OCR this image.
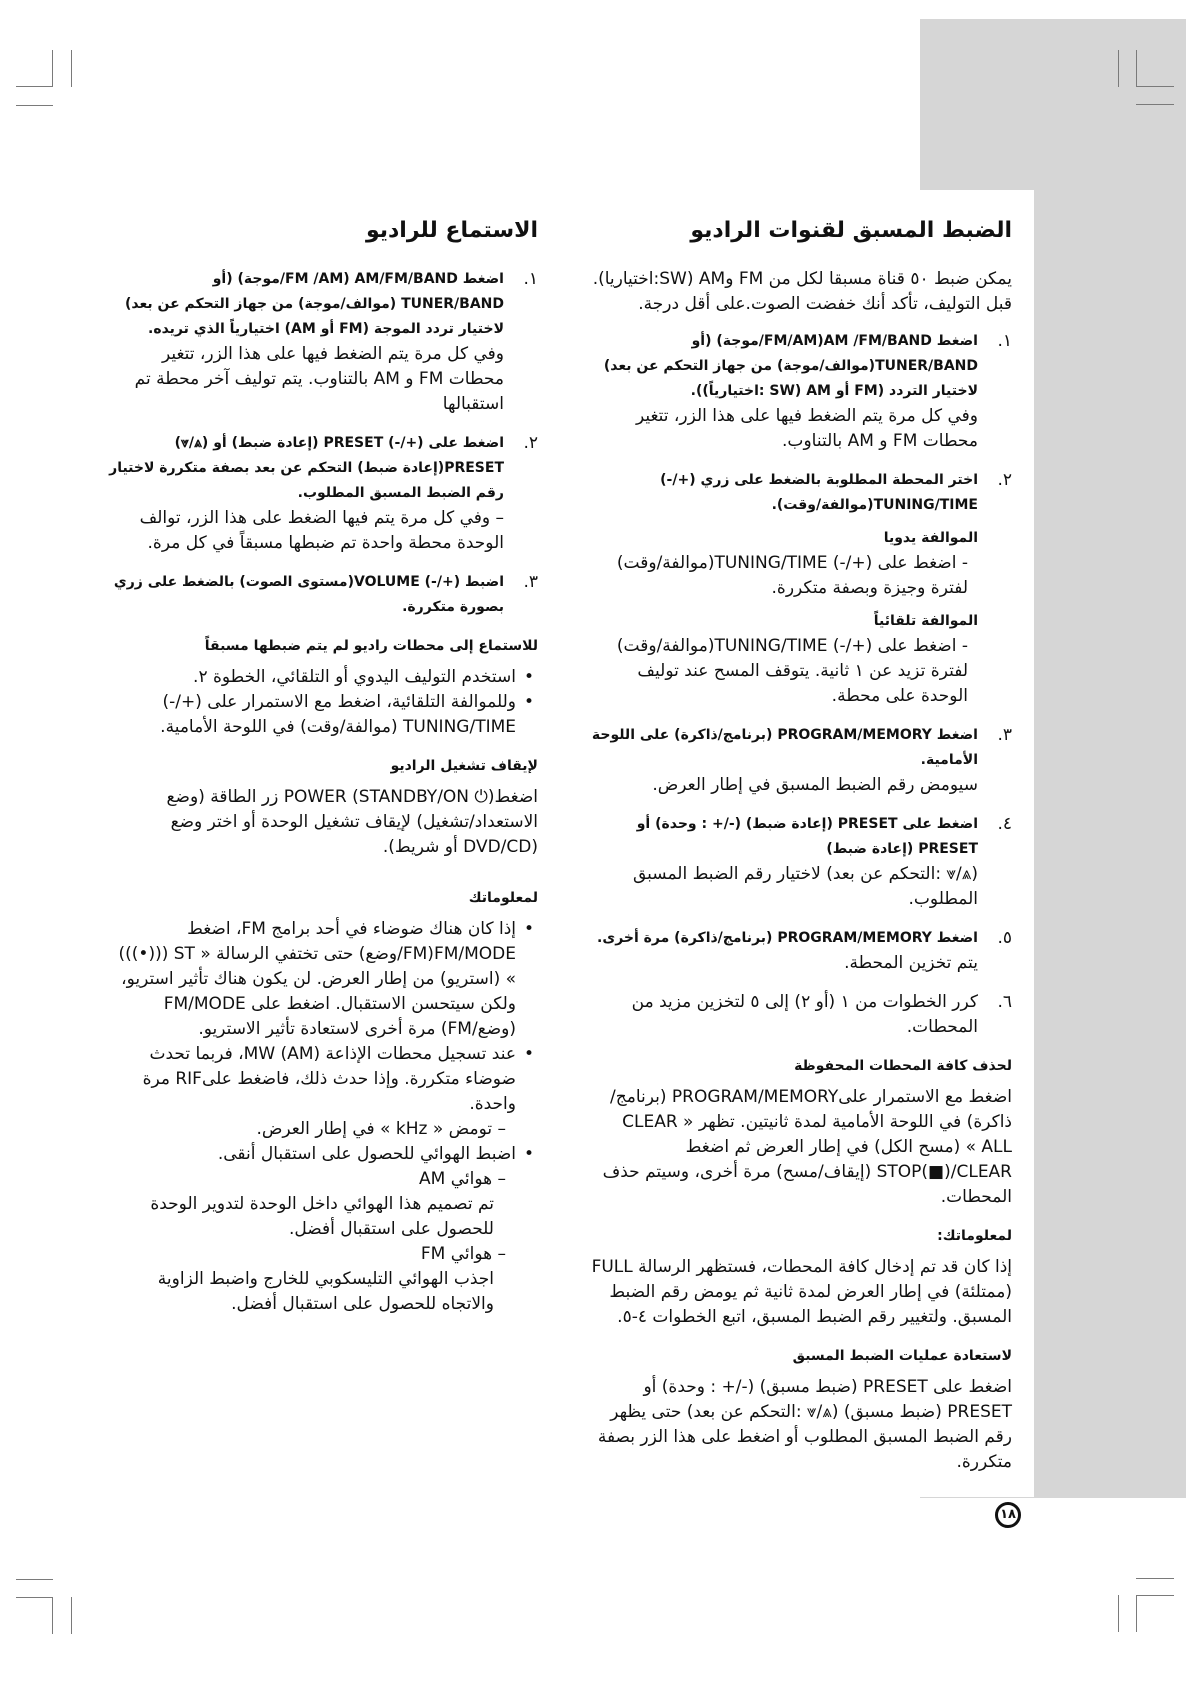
١٨
الضبط المسبق لقنوات الراديو

يمكن ضبط ٥٠ قناة مسبقا لكل من FM وAM (SW:اختياريا). قبل التوليف، تأكد أنك خفضت الصوت.على أقل درجة.

١.

اضغط AM /FM/BAND(FM/AM/موجة) (أو TUNER/BAND(موالف/موجة) من جهاز التحكم عن بعد) لاختيار التردد (FM أو AM (SW :اختيارياً)).

وفي كل مرة يتم الضغط فيها على هذا الزر، تتغير محطات FM و AM بالتناوب.

٢.

اختر المحطة المطلوبة بالضغط على زري (+/-) TUNING/TIME(موالفة/وقت).

الموالفة يدويا

- اضغط على (+/-) TUNING/TIME(موالفة/وقت) لفترة وجيزة وبصفة متكررة.

الموالفة تلقائياً

- اضغط على (+/-) TUNING/TIME(موالفة/وقت) لفترة تزيد عن ١ ثانية. يتوقف المسح عند توليف الوحدة على محطة.

٣.

اضغط PROGRAM/MEMORY (برنامج/ذاكرة) على اللوحة الأمامية.

سيومض رقم الضبط المسبق في إطار العرض.

٤.

اضغط على PRESET (إعادة ضبط) (-/+ : وحدة) أو PRESET (إعادة ضبط)

(⩓/⩔ :التحكم عن بعد) لاختيار رقم الضبط المسبق المطلوب.

٥.

اضغط PROGRAM/MEMORY (برنامج/ذاكرة) مرة أخرى.

يتم تخزين المحطة.

٦.

كرر الخطوات من ١ (أو ٢) إلى ٥ لتخزين مزيد من المحطات.

لحذف كافة المحطات المحفوظة

اضغط مع الاستمرار علىPROGRAM/MEMORY (برنامج/ذاكرة) في اللوحة الأمامية لمدة ثانيتين. تظهر « CLEAR ALL » (مسح الكل) في إطار العرض ثم اضغط STOP(■)/CLEAR (إيقاف/مسح) مرة أخرى، وسيتم حذف المحطات.

لمعلوماتك:

إذا كان قد تم إدخال كافة المحطات، فستظهر الرسالة FULL (ممتلئة) في إطار العرض لمدة ثانية ثم يومض رقم الضبط المسبق. ولتغيير رقم الضبط المسبق، اتبع الخطوات ٤-٥.

لاستعادة عمليات الضبط المسبق

اضغط على PRESET (ضبط مسبق) (-/+ : وحدة) أو PRESET (ضبط مسبق) (⩓/⩔ :التحكم عن بعد) حتى يظهر رقم الضبط المسبق المطلوب أو اضغط على هذا الزر بصفة متكررة.

الاستماع للراديو
١.

اضغط AM/FM/BAND (FM /AM/موجة) (أو TUNER/BAND (موالف/موجة) من جهاز التحكم عن بعد) لاختيار تردد الموجة (FM أو AM) اختيارياً الذي تريده.

وفي كل مرة يتم الضغط فيها على هذا الزر، تتغير محطات FM و AM بالتناوب. يتم توليف آخر محطة تم استقبالها

٢.

اضغط على (+/-) PRESET (إعادة ضبط) أو (⩓/⩔) PRESET(إعادة ضبط) التحكم عن بعد بصفة متكررة لاختيار رقم الضبط المسبق المطلوب.

– وفي كل مرة يتم فيها الضغط على هذا الزر، توالف الوحدة محطة واحدة تم ضبطها مسبقاً في كل مرة.

٣.

اضبط (+/-) VOLUME(مستوى الصوت) بالضغط على زري بصورة متكررة.

للاستماع إلى محطات راديو لم يتم ضبطها مسبقاً

• استخدم التوليف اليدوي أو التلقائي، الخطوة ٢.
• وللموالفة التلقائية، اضغط مع الاستمرار على (+/-) TUNING/TIME (موالفة/وقت) في اللوحة الأمامية.

لإيقاف تشغيل الراديو

اضغط(⏻ STANDBY/ON) POWER زر الطاقة (وضع الاستعداد/تشغيل) لإيقاف تشغيل الوحدة أو اختر وضع (DVD/CD أو شريط).

لمعلوماتك

• إذا كان هناك ضوضاء في أحد برامج FM، اضغط FM/MODE(FM/وضع) حتى تختفي الرسالة « ST (((•))) » (استريو) من إطار العرض. لن يكون هناك تأثير استريو، ولكن سيتحسن الاستقبال. اضغط على FM/MODE (وضع/FM) مرة أخرى لاستعادة تأثير الاستريو.
• عند تسجيل محطات الإذاعة MW (AM)، فربما تحدث ضوضاء متكررة. وإذا حدث ذلك، فاضغط علىRIF مرة واحدة.

– تومض « kHz » في إطار العرض.

• اضبط الهوائي للحصول على استقبال أنقى.

– هوائي AM

تم تصميم هذا الهوائي داخل الوحدة لتدوير الوحدة للحصول على استقبال أفضل.

– هوائي FM

اجذب الهوائي التليسكوبي للخارج واضبط الزاوية والاتجاه للحصول على استقبال أفضل.
